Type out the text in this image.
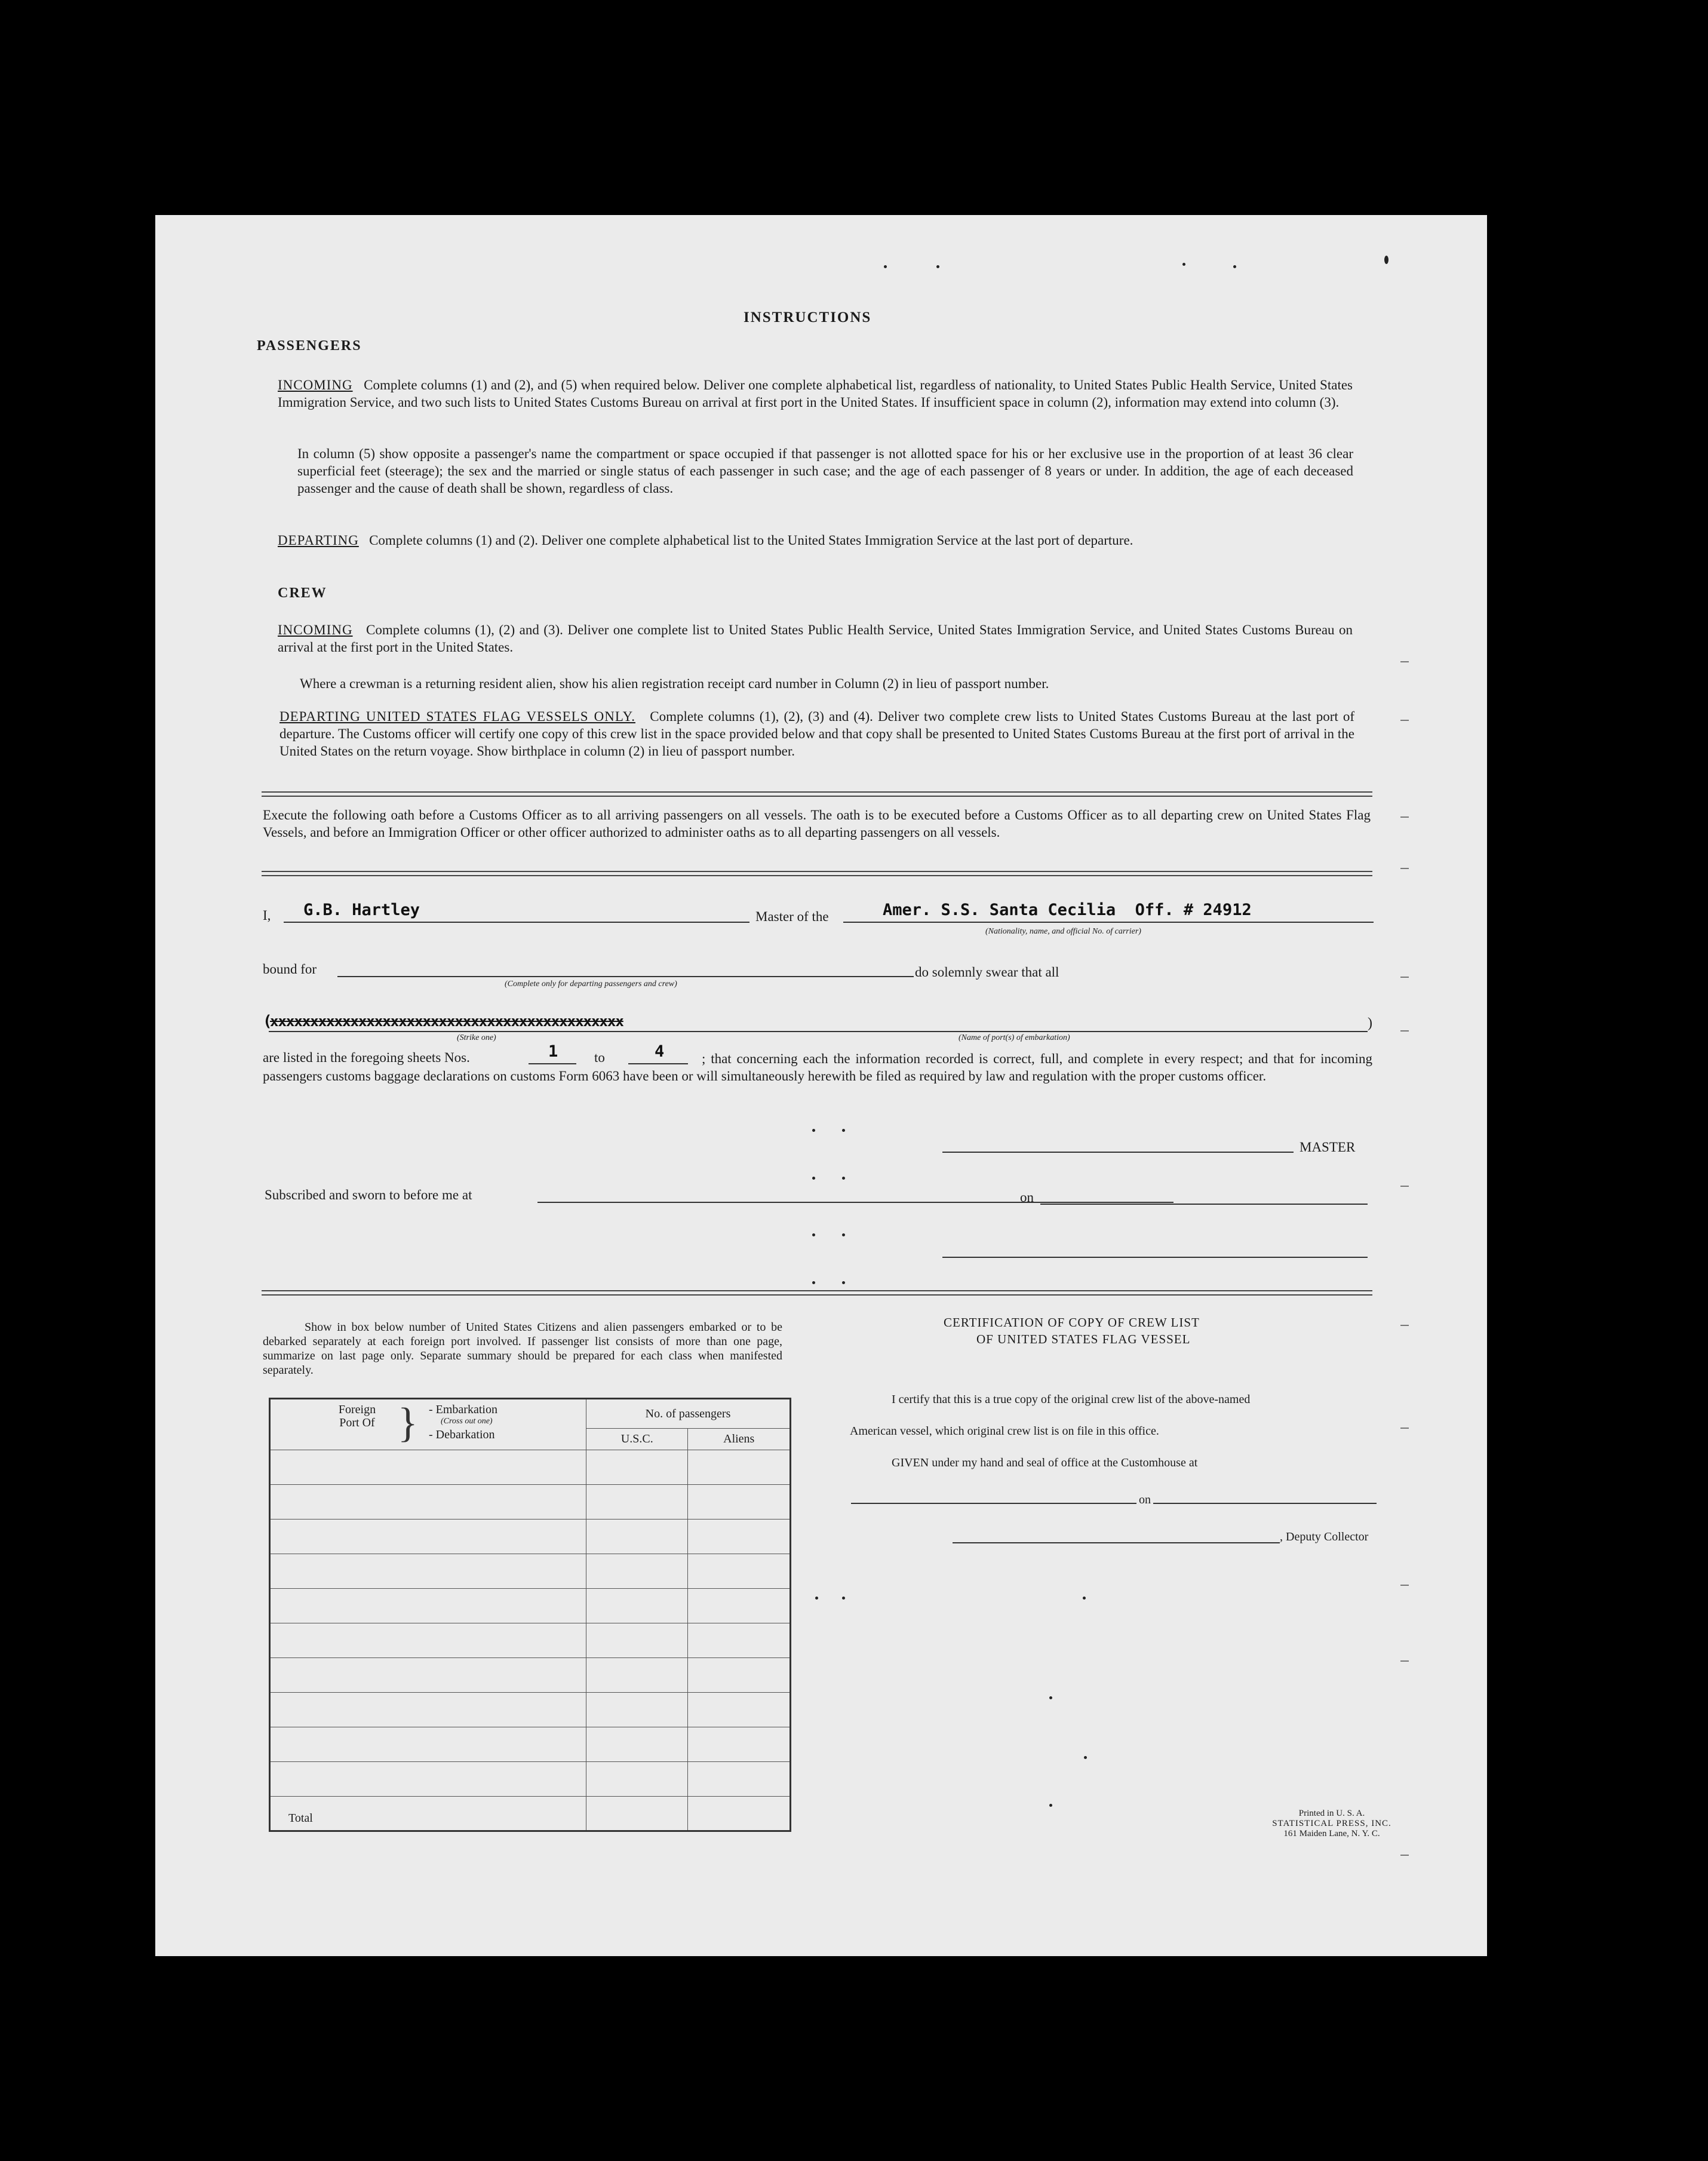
INSTRUCTIONS
PASSENGERS

INCOMING Complete columns (1) and (2), and (5) when required below. Deliver one complete alphabetical list, regardless of nationality, to United States Public Health Service, United States Immigration Service, and two such lists to United States Customs Bureau on arrival at first port in the United States. If insufficient space in column (2), information may extend into column (3).

In column (5) show opposite a passenger's name the compartment or space occupied if that passenger is not allotted space for his or her exclusive use in the proportion of at least 36 clear superficial feet (steerage); the sex and the married or single status of each passenger in such case; and the age of each passenger of 8 years or under. In addition, the age of each deceased passenger and the cause of death shall be shown, regardless of class.

DEPARTING Complete columns (1) and (2). Deliver one complete alphabetical list to the United States Immigration Service at the last port of departure.

CREW

INCOMING Complete columns (1), (2) and (3). Deliver one complete list to United States Public Health Service, United States Immigration Service, and United States Customs Bureau on arrival at the first port in the United States.

Where a crewman is a returning resident alien, show his alien registration receipt card number in Column (2) in lieu of passport number.

DEPARTING UNITED STATES FLAG VESSELS ONLY. Complete columns (1), (2), (3) and (4). Deliver two complete crew lists to United States Customs Bureau at the last port of departure. The Customs officer will certify one copy of this crew list in the space provided below and that copy shall be presented to United States Customs Bureau at the first port of arrival in the United States on the return voyage. Show birthplace in column (2) in lieu of passport number.

Execute the following oath before a Customs Officer as to all arriving passengers on all vessels. The oath is to be executed before a Customs Officer as to all departing crew on United States Flag Vessels, and before an Immigration Officer or other officer authorized to administer oaths as to all departing passengers on all vessels.

I, G.B. Hartley	Master of the	Amer. S.S. Santa Cecilia  Off. # 24912
(Nationality, name, and official No. of carrier)
bound for
(Complete only for departing passengers and crew)
do solemnly swear that all
( xxxxxxxxxxxxxxxxxxxxxxxxxxxxxxxxxxxxxxxxxxxx	)
(Strike one)	(Name of port(s) of embarkation)
are listed in the foregoing sheets Nos.	1	to	4	; that concerning each the information recorded is correct, full, and complete in every respect; and that for incoming passengers customs baggage declarations on customs Form 6063 have been or will simultaneously herewith be filed as required by law and regulation with the proper customs officer.

MASTER
Subscribed and sworn to before me at	on

Show in box below number of United States Citizens and alien passengers embarked or to be debarked separately at each foreign port involved. If passenger list consists of more than one page, summarize on last page only. Separate summary should be prepared for each class when manifested separately.

Foreign Port Of } - Embarkation
(Cross out one)
- Debarkation	No. of passengers	
	U.S.C.	Aliens

Total		
CERTIFICATION OF COPY OF CREW LIST
OF UNITED STATES FLAG VESSEL
I certify that this is a true copy of the original crew list of the above-named
American vessel, which original crew list is on file in this office.
GIVEN under my hand and seal of office at the Customhouse at
on
, Deputy Collector
Printed in U. S. A.
STATISTICAL PRESS, INC.
161 Maiden Lane, N. Y. C.
